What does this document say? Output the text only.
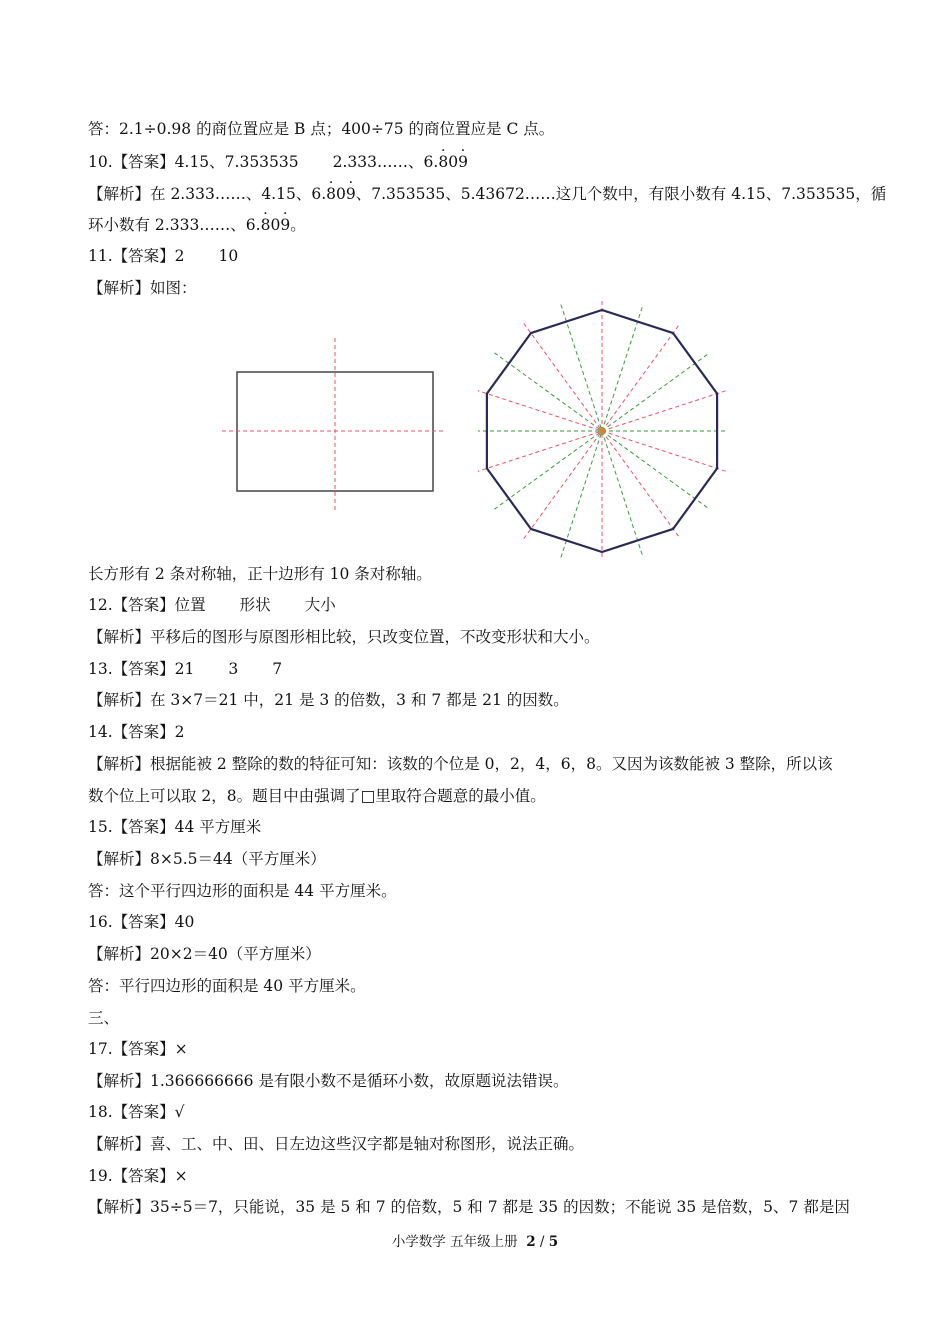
答：2.1÷0.98 的商位置应是 B 点；400÷75 的商位置应是 C 点。
10.【答案】4.15、7.353535 2.333……、6.· 80· 9
【解析】在 2.333……、4.15、6.· 80· 9、7.353535、5.43672……这几个数中，有限小数有 4.15、7.353535，循
环小数有 2.333……、6.· 80· 9。
11.【答案】2 10
【解析】如图：
长方形有 2 条对称轴，正十边形有 10 条对称轴。
12.【答案】位置 形状 大小
【解析】平移后的图形与原图形相比较，只改变位置，不改变形状和大小。
13.【答案】21 3 7
【解析】在 3×7＝21 中，21 是 3 的倍数，3 和 7 都是 21 的因数。
14.【答案】2
【解析】根据能被 2 整除的数的特征可知：该数的个位是 0，2，4，6，8。又因为该数能被 3 整除，所以该
数个位上可以取 2，8。题目中由强调了□里取符合题意的最小值。
15.【答案】44 平方厘米
【解析】8×5.5＝44（平方厘米）
答：这个平行四边形的面积是 44 平方厘米。
16.【答案】40
【解析】20×2＝40（平方厘米）
答：平行四边形的面积是 40 平方厘米。
三、
17.【答案】×
【解析】1.366666666 是有限小数不是循环小数，故原题说法错误。
18.【答案】√
【解析】喜、工、中、田、日左边这些汉字都是轴对称图形，说法正确。
19.【答案】×
【解析】35÷5＝7，只能说，35 是 5 和 7 的倍数，5 和 7 都是 35 的因数；不能说 35 是倍数，5、7 都是因
小学数学 五年级上册 2 / 5
